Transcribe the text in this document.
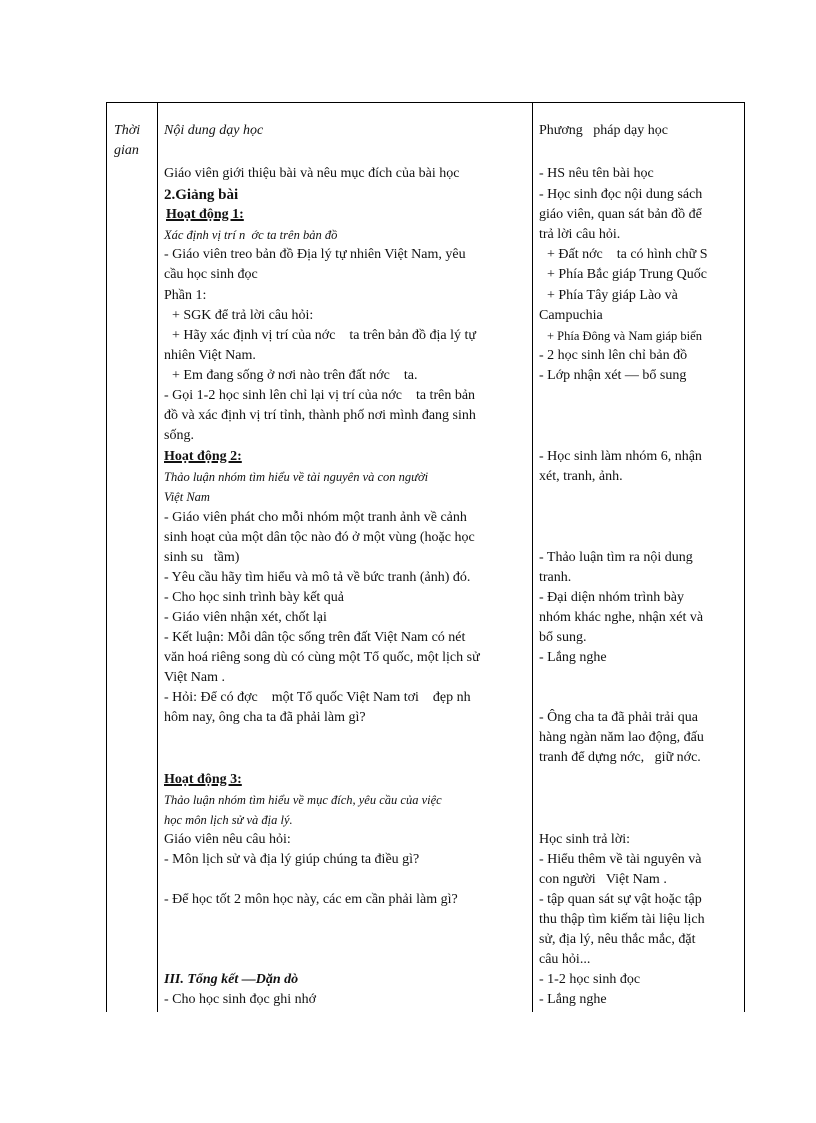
Thời
gian
Nội dung dạy học	Phương   pháp dạy học
Giáo viên giới thiệu bài và nêu mục đích của bài học
2.Giảng bài
Hoạt động 1:
Xác định vị trí n  ớc ta trên bản đồ
- Giáo viên treo bản đồ Địa lý tự nhiên Việt Nam, yêu
cầu học sinh đọc
Phần 1:
+ SGK để trả lời câu hỏi:
+ Hãy xác định vị trí của nớc    ta trên bản đồ địa lý tự
nhiên Việt Nam.
+ Em đang sống ở nơi nào trên đất nớc    ta.
- Gọi 1-2 học sinh lên chỉ lại vị trí của nớc    ta trên bản
đồ và xác định vị trí tỉnh, thành phố nơi mình đang sinh
sống.
Hoạt động 2:
Thảo luận nhóm tìm hiểu về tài nguyên và con người
Việt Nam
- Giáo viên phát cho mỗi nhóm một tranh ảnh về cảnh
sinh hoạt của một dân tộc nào đó ở một vùng (hoặc học
sinh su   tầm)
- Yêu cầu hãy tìm hiểu và mô tả về bức tranh (ảnh) đó.
- Cho học sinh trình bày kết quả
- Giáo viên nhận xét, chốt lại
- Kết luận: Mỗi dân tộc sống trên đất Việt Nam có nét
văn hoá riêng song dù có cùng một Tổ quốc, một lịch sử
Việt Nam .
- Hỏi: Để có đợc    một Tổ quốc Việt Nam tơi    đẹp nh
hôm nay, ông cha ta đã phải làm gì?
Hoạt động 3:
Thảo luận nhóm tìm hiểu về mục đích, yêu cầu của việc
học môn lịch sử và địa lý.
Giáo viên nêu câu hỏi:
- Môn lịch sử và địa lý giúp chúng ta điều gì?
- Để học tốt 2 môn học này, các em cần phải làm gì?
III. Tổng kết —Dặn dò
- Cho học sinh đọc ghi nhớ
- HS nêu tên bài học
- Học sinh đọc nội dung sách
giáo viên, quan sát bản đồ để
trả lời câu hỏi.
+ Đất nớc    ta có hình chữ S
+ Phía Bắc giáp Trung Quốc
+ Phía Tây giáp Lào và
Campuchia
+ Phía Đông và Nam giáp biển
- 2 học sinh lên chỉ bản đồ
- Lớp nhận xét — bổ sung
- Học sinh làm nhóm 6, nhận
xét, tranh, ảnh.
- Thảo luận tìm ra nội dung
tranh.
- Đại diện nhóm trình bày
nhóm khác nghe, nhận xét và
bổ sung.
- Lắng nghe
- Ông cha ta đã phải trải qua
hàng ngàn năm lao động, đấu
tranh để dựng nớc,   giữ nớc.
Học sinh trả lời:
- Hiểu thêm về tài nguyên và
con người   Việt Nam .
- tập quan sát sự vật hoặc tập
thu thập tìm kiếm tài liệu lịch
sử, địa lý, nêu thắc mắc, đặt
câu hỏi...
- 1-2 học sinh đọc
- Lắng nghe
